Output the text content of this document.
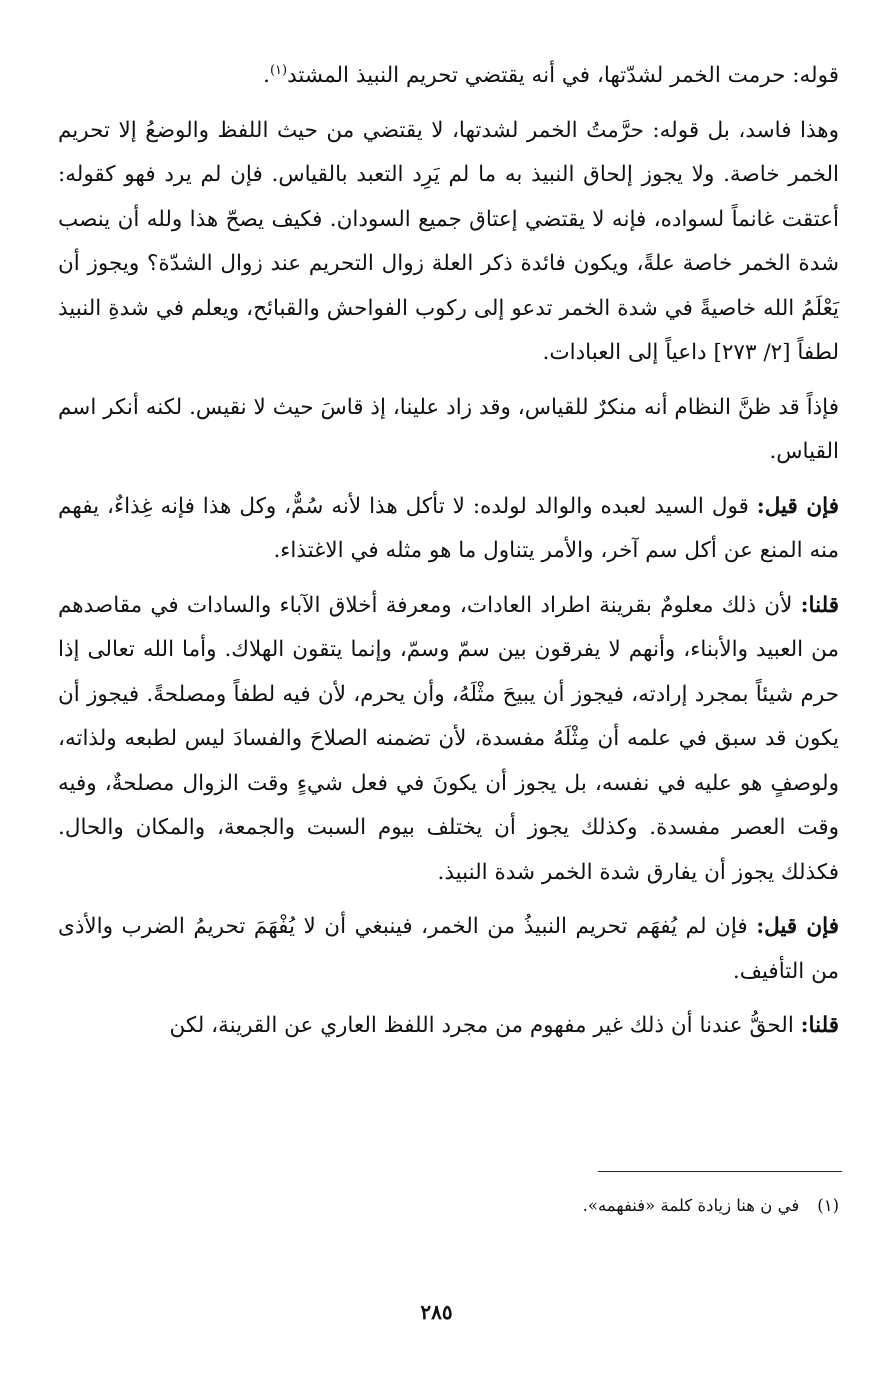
قوله: حرمت الخمر لشدّتها، في أنه يقتضي تحريم النبيذ المشتد$^{(١)}$.

وهذا فاسد، بل قوله: حرَّمتُ الخمر لشدتها، لا يقتضي من حيث اللفظ والوضعُ إلا تحريم الخمر خاصة. ولا يجوز إلحاق النبيذ به ما لم يَرِد التعبد بالقياس. فإن لم يرد فهو كقوله: أعتقت غانماً لسواده، فإنه لا يقتضي إعتاق جميع السودان. فكيف يصحّ هذا ولله أن ينصب شدة الخمر خاصة علةً، ويكون فائدة ذكر العلة زوال التحريم عند زوال الشدّة؟ ويجوز أن يَعْلَمُ الله خاصيةً في شدة الخمر تدعو إلى ركوب الفواحش والقبائح، ويعلم في شدةِ النبيذ لطفاً [٢/ ٢٧٣] داعياً إلى العبادات.

فإذاً قد ظنَّ النظام أنه منكرٌ للقياس، وقد زاد علينا، إذ قاسَ حيث لا نقيس. لكنه أنكر اسم القياس.

فإن قيل: قول السيد لعبده والوالد لولده: لا تأكل هذا لأنه سُمٌّ، وكل هذا فإنه غِذاءٌ، يفهم منه المنع عن أكل سم آخر، والأمر يتناول ما هو مثله في الاغتذاء.

قلنا: لأن ذلك معلومٌ بقرينة اطراد العادات، ومعرفة أخلاق الآباء والسادات في مقاصدهم من العبيد والأبناء، وأنهم لا يفرقون بين سمّ وسمّ، وإنما يتقون الهلاك. وأما الله تعالى إذا حرم شيئاً بمجرد إرادته، فيجوز أن يبيحَ مثْلَهُ، وأن يحرم، لأن فيه لطفاً ومصلحةً. فيجوز أن يكون قد سبق في علمه أن مِثْلَهُ مفسدة، لأن تضمنه الصلاحَ والفسادَ ليس لطبعه ولذاته، ولوصفٍ هو عليه في نفسه، بل يجوز أن يكونَ في فعل شيءٍ وقت الزوال مصلحةٌ، وفيه وقت العصر مفسدة. وكذلك يجوز أن يختلف بيوم السبت والجمعة، والمكان والحال. فكذلك يجوز أن يفارق شدة الخمر شدة النبيذ.

فإن قيل: فإن لم يُفهَم تحريم النبيذُ من الخمر، فينبغي أن لا يُفْهَمَ تحريمُ الضرب والأذى من التأفيف.

قلنا: الحقُّ عندنا أن ذلك غير مفهوم من مجرد اللفظ العاري عن القرينة، لكن

(١)في ن هنا زيادة كلمة «فنفهمه».
٢٨٥
